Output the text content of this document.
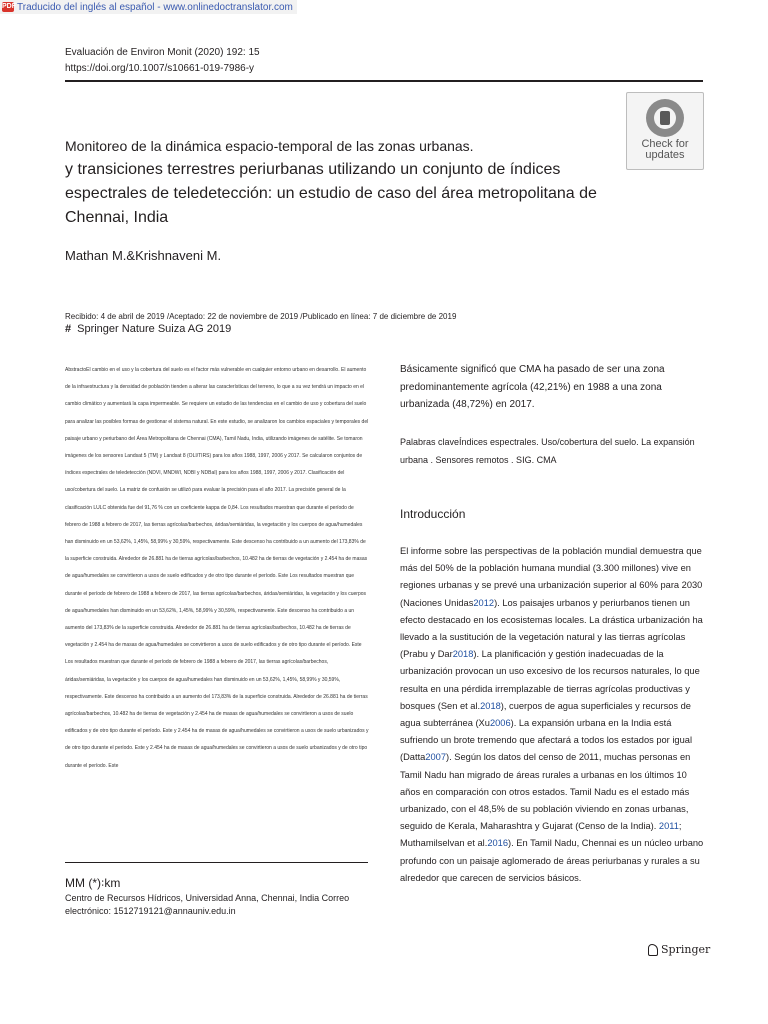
PDF Traducido del inglés al español - www.onlinedoctranslator.com
Evaluación de Environ Monit (2020) 192: 15
https://doi.org/10.1007/s10661-019-7986-y
Check for
updates
Monitoreo de la dinámica espacio-temporal de las zonas urbanas.
y transiciones terrestres periurbanas utilizando un conjunto de índices
espectrales de teledetección: un estudio de caso del área metropolitana de
Chennai, India
Mathan M.&Krishnaveni M.
Recibido: 4 de abril de 2019 /Aceptado: 22 de noviembre de 2019 /Publicado en línea: 7 de diciembre de 2019
# Springer Nature Suiza AG 2019
AbstractoEl cambio en el uso y la cobertura del suelo es el factor más vulnerable en cualquier entorno urbano en desarrollo. El aumento de la infraestructura y la densidad de población tienden a alterar las características del terreno, lo que a su vez tendrá un impacto en el cambio climático y aumentará la capa impermeable. Se requiere un estudio de las tendencias en el cambio de uso y cobertura del suelo para analizar las posibles formas de gestionar el sistema natural. En este estudio, se analizaron los cambios espaciales y temporales del paisaje urbano y periurbano del Área Metropolitana de Chennai (CMA), Tamil Nadu, India, utilizando imágenes de satélite. Se tomaron imágenes de los sensores Landsat 5 (TM) y Landsat 8 (OLI/TIRS) para los años 1988, 1997, 2006 y 2017. Se calcularon conjuntos de índices espectrales de teledetección (NDVI, MNDWI, NDBI y NDBaI) para los años 1988, 1997, 2006 y 2017. Clasificación del uso/cobertura del suelo. La matriz de confusión se utilizó para evaluar la precisión para el año 2017. La precisión general de la clasificación LULC obtenida fue del 91,76 % con un coeficiente kappa de 0,84. Los resultados muestran que durante el período de febrero de 1988 a febrero de 2017, las tierras agrícolas/barbechos, áridas/semiáridas, la vegetación y los cuerpos de agua/humedales han disminuido en un 53,62%, 1,45%, 58,99% y 30,59%, respectivamente. Este descenso ha contribuido a un aumento del 173,83% de la superficie construida. Alrededor de 26.881 ha de tierras agrícolas/barbechos, 10.482 ha de tierras de vegetación y 2.454 ha de masas de agua/humedales se convirtieron a usos de suelo edificados y de otro tipo durante el período. Este Los resultados muestran que durante el período de febrero de 1988 a febrero de 2017, las tierras agrícolas/barbechos, áridas/semiáridas, la vegetación y los cuerpos de agua/humedales han disminuido en un 53,62%, 1,45%, 58,99% y 30,59%, respectivamente. Este descenso ha contribuido a un aumento del 173,83% de la superficie construida. Alrededor de 26.881 ha de tierras agrícolas/barbechos, 10.482 ha de tierras de vegetación y 2.454 ha de masas de agua/humedales se convirtieron a usos de suelo edificados y de otro tipo durante el período. Este Los resultados muestran que durante el período de febrero de 1988 a febrero de 2017, las tierras agrícolas/barbechos, áridas/semiáridas, la vegetación y los cuerpos de agua/humedales han disminuido en un 53,62%, 1,45%, 58,99% y 30,59%, respectivamente. Este descenso ha contribuido a un aumento del 173,83% de la superficie construida. Alrededor de 26.881 ha de tierras agrícolas/barbechos, 10.482 ha de tierras de vegetación y 2.454 ha de masas de agua/humedales se convirtieron a usos de suelo edificados y de otro tipo durante el período. Este y 2.454 ha de masas de agua/humedales se convirtieron a usos de suelo urbanizados y de otro tipo durante el período. Este y 2.454 ha de masas de agua/humedales se convirtieron a usos de suelo urbanizados y de otro tipo durante el período. Este
MM (*)꞉km
Centro de Recursos Hídricos, Universidad Anna, Chennai, India Correo electrónico: 1512719121@annauniv.edu.in
Básicamente significó que CMA ha pasado de ser una zona predominantemente agrícola (42,21%) en 1988 a una zona urbanizada (48,72%) en 2017.
Palabras claveÍndices espectrales. Uso/cobertura del suelo. La expansión urbana . Sensores remotos . SIG. CMA
Introducción
El informe sobre las perspectivas de la población mundial demuestra que más del 50% de la población humana mundial (3.300 millones) vive en regiones urbanas y se prevé una urbanización superior al 60% para 2030 (Naciones Unidas2012). Los paisajes urbanos y periurbanos tienen un efecto destacado en los ecosistemas locales. La drástica urbanización ha llevado a la sustitución de la vegetación natural y las tierras agrícolas (Prabu y Dar2018). La planificación y gestión inadecuadas de la urbanización provocan un uso excesivo de los recursos naturales, lo que resulta en una pérdida irremplazable de tierras agrícolas productivas y bosques (Sen et al.2018), cuerpos de agua superficiales y recursos de agua subterránea (Xu2006). La expansión urbana en la India está sufriendo un brote tremendo que afectará a todos los estados por igual (Datta2007). Según los datos del censo de 2011, muchas personas en Tamil Nadu han migrado de áreas rurales a urbanas en los últimos 10 años en comparación con otros estados. Tamil Nadu es el estado más urbanizado, con el 48,5% de su población viviendo en zonas urbanas, seguido de Kerala, Maharashtra y Gujarat (Censo de la India). 2011; Muthamilselvan et al.2016). En Tamil Nadu, Chennai es un núcleo urbano profundo con un paisaje aglomerado de áreas periurbanas y rurales a su alrededor que carecen de servicios básicos.
Springer
